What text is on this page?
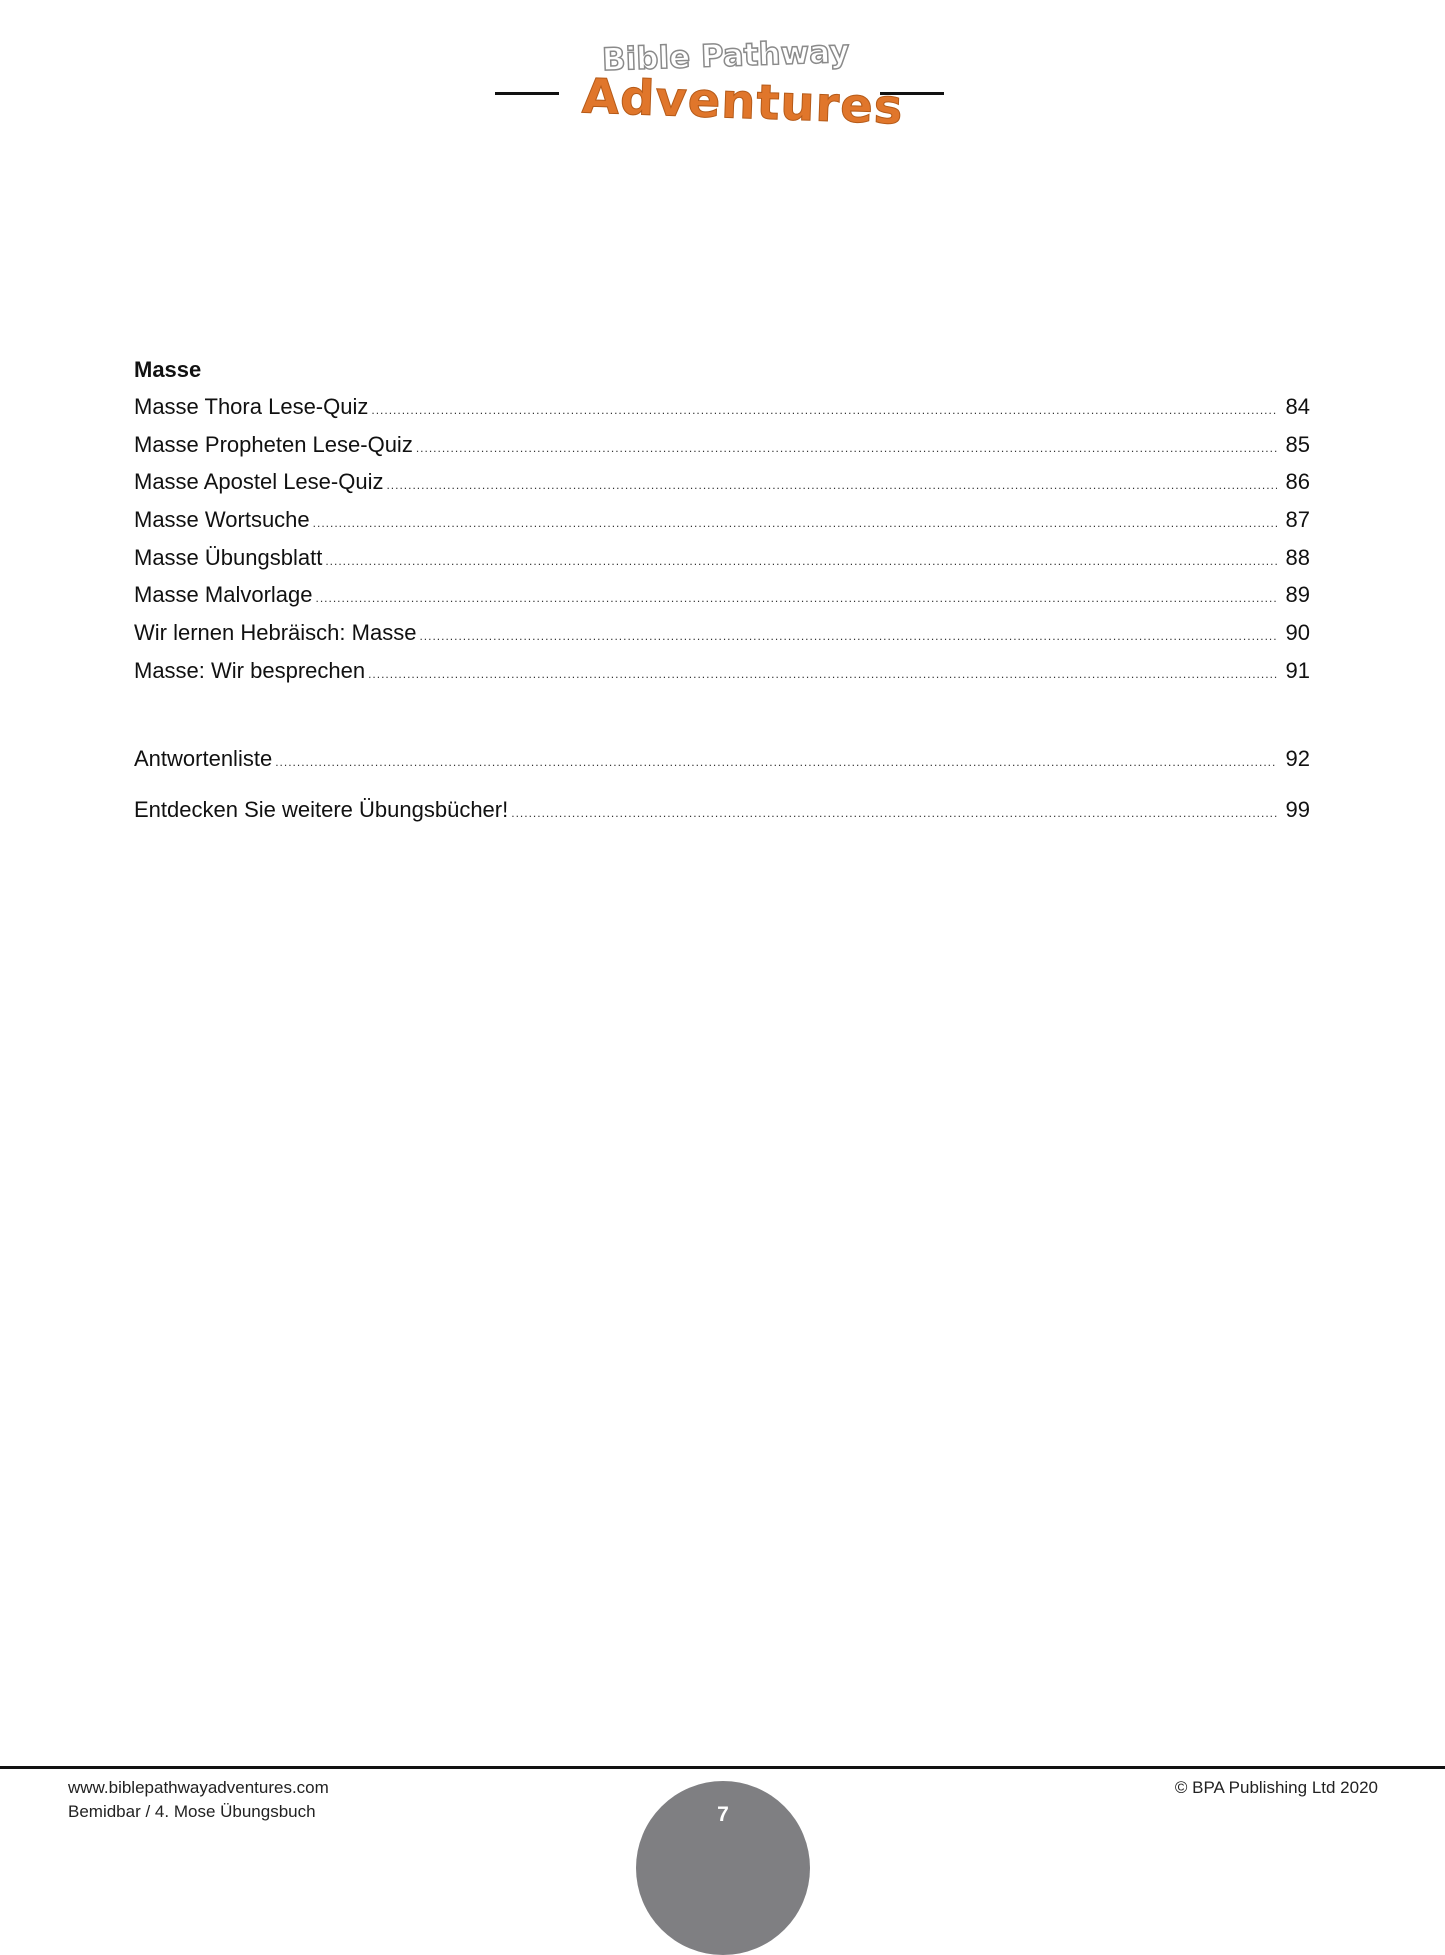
Bible Pathway
Adventures
Masse
Masse Thora Lese-Quiz .....	84
Masse Propheten Lese-Quiz .....	85
Masse Apostel Lese-Quiz .....	86
Masse Wortsuche .....	87
Masse Übungsblatt .....	88
Masse Malvorlage .....	89
Wir lernen Hebräisch: Masse .....	90
Masse: Wir besprechen .....	91
Antwortenliste .....	92
Entdecken Sie weitere Übungsbücher! .....	99
www.biblepathwayadventures.com
Bemidbar / 4. Mose Übungsbuch
© BPA Publishing Ltd 2020
7
